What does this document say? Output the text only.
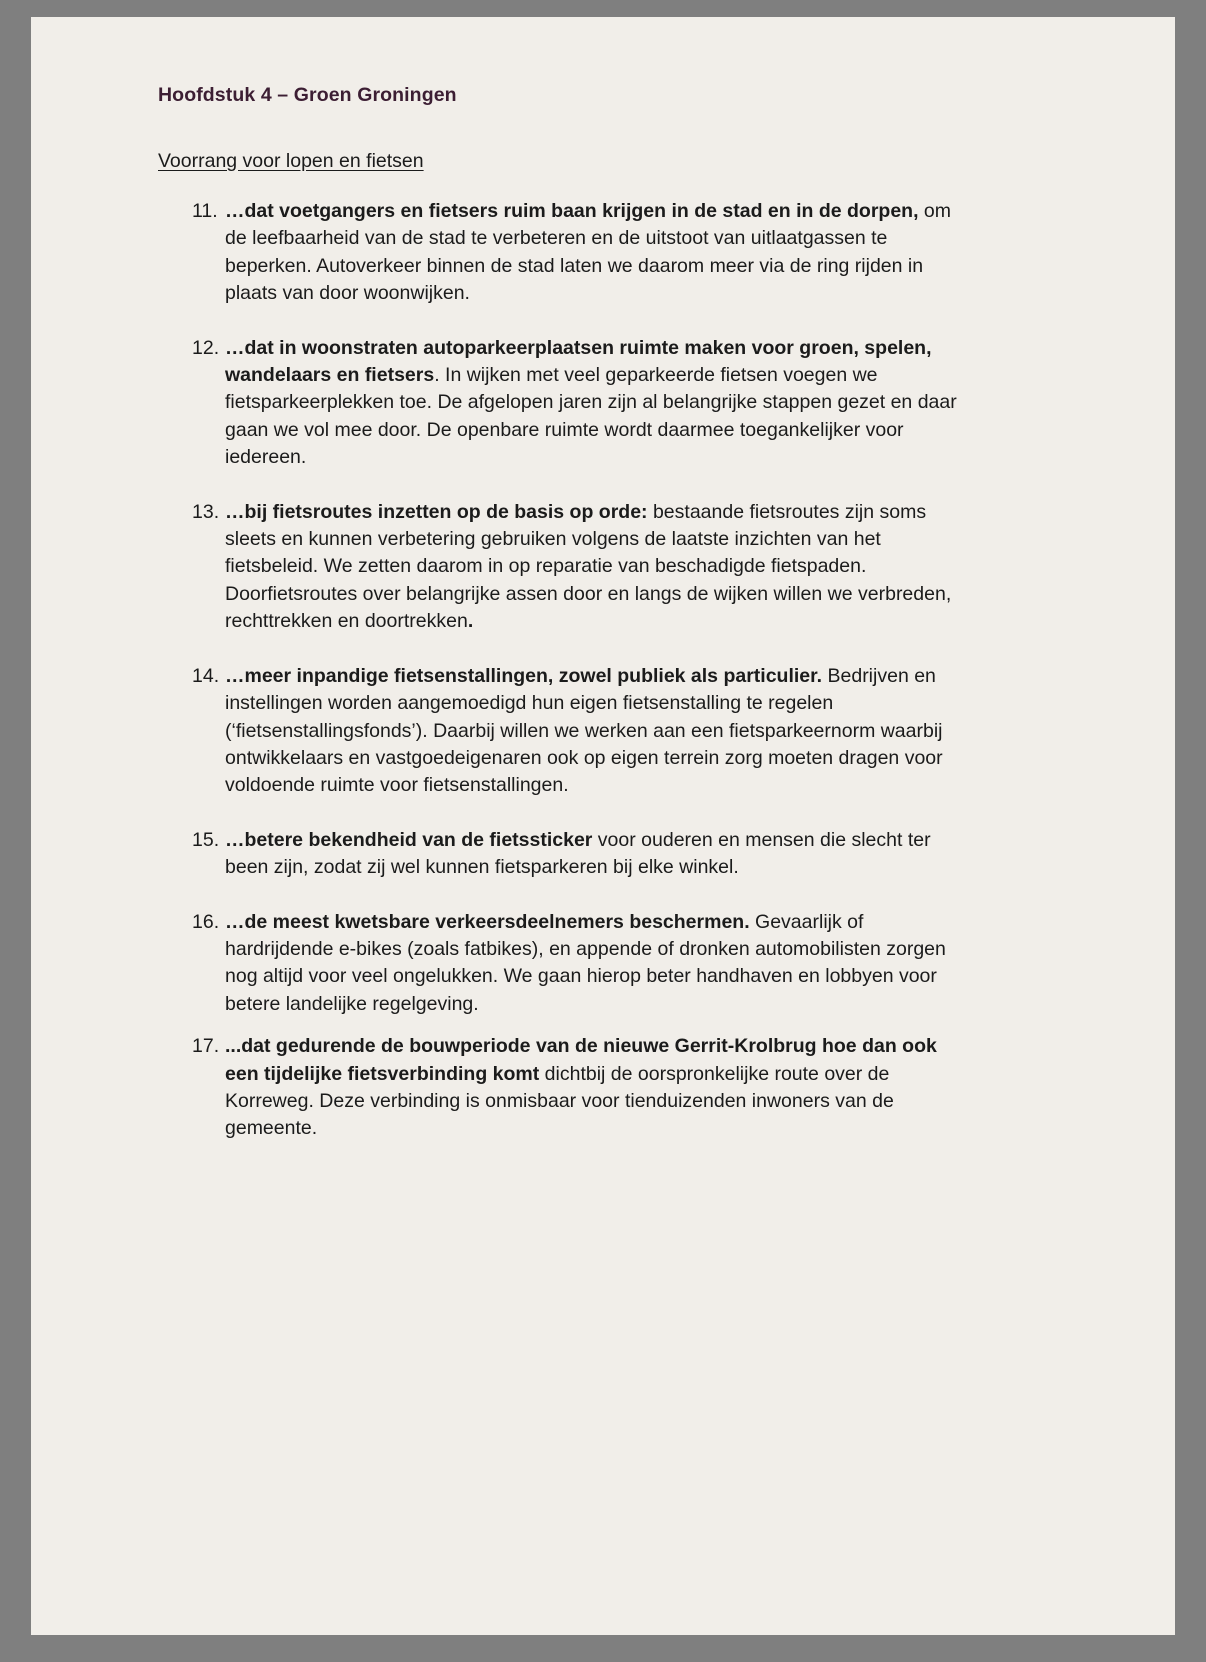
Hoofdstuk 4 – Groen Groningen
Voorrang voor lopen en fietsen
11. …dat voetgangers en fietsers ruim baan krijgen in de stad en in de dorpen, om de leefbaarheid van de stad te verbeteren en de uitstoot van uitlaatgassen te beperken. Autoverkeer binnen de stad laten we daarom meer via de ring rijden in plaats van door woonwijken.
12. …dat in woonstraten autoparkeerplaatsen ruimte maken voor groen, spelen, wandelaars en fietsers. In wijken met veel geparkeerde fietsen voegen we fietsparkeerplekken toe. De afgelopen jaren zijn al belangrijke stappen gezet en daar gaan we vol mee door. De openbare ruimte wordt daarmee toegankelijker voor iedereen.
13. …bij fietsroutes inzetten op de basis op orde: bestaande fietsroutes zijn soms sleets en kunnen verbetering gebruiken volgens de laatste inzichten van het fietsbeleid. We zetten daarom in op reparatie van beschadigde fietspaden. Doorfietsroutes over belangrijke assen door en langs de wijken willen we verbreden, rechttrekken en doortrekken.
14. …meer inpandige fietsenstallingen, zowel publiek als particulier. Bedrijven en instellingen worden aangemoedigd hun eigen fietsenstalling te regelen (‘fietsenstallingsfonds’). Daarbij willen we werken aan een fietsparkeernorm waarbij ontwikkelaars en vastgoedeigenaren ook op eigen terrein zorg moeten dragen voor voldoende ruimte voor fietsenstallingen.
15. …betere bekendheid van de fietssticker voor ouderen en mensen die slecht ter been zijn, zodat zij wel kunnen fietsparkeren bij elke winkel.
16. …de meest kwetsbare verkeersdeelnemers beschermen. Gevaarlijk of hardrijdende e-bikes (zoals fatbikes), en appende of dronken automobilisten zorgen nog altijd voor veel ongelukken. We gaan hierop beter handhaven en lobbyen voor betere landelijke regelgeving.
17. ...dat gedurende de bouwperiode van de nieuwe Gerrit-Krolbrug hoe dan ook een tijdelijke fietsverbinding komt dichtbij de oorspronkelijke route over de Korreweg. Deze verbinding is onmisbaar voor tienduizenden inwoners van de gemeente.
